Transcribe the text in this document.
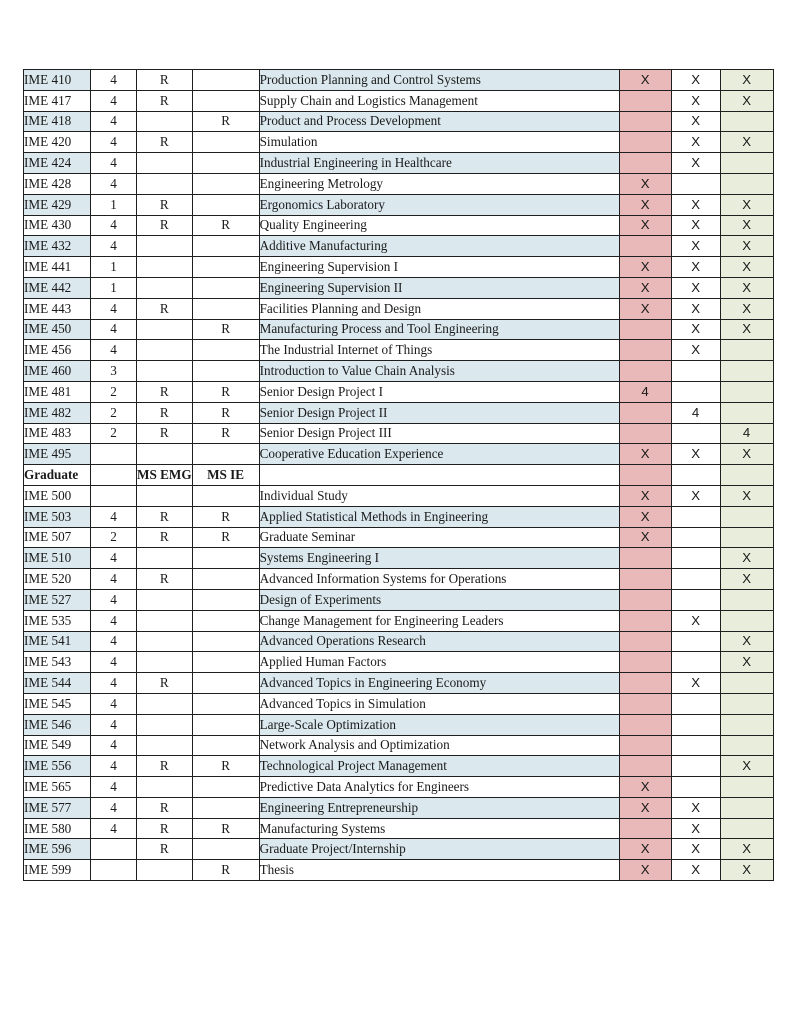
IME 410	4	R		Production Planning and Control Systems	X	X	X
IME 417	4	R		Supply Chain and Logistics Management		X	X
IME 418	4		R	Product and Process Development		X	
IME 420	4	R		Simulation		X	X
IME 424	4			Industrial Engineering in Healthcare		X	
IME 428	4			Engineering Metrology	X		
IME 429	1	R		Ergonomics Laboratory	X	X	X
IME 430	4	R	R	Quality Engineering	X	X	X
IME 432	4			Additive Manufacturing		X	X
IME 441	1			Engineering Supervision I	X	X	X
IME 442	1			Engineering Supervision II	X	X	X
IME 443	4	R		Facilities Planning and Design	X	X	X
IME 450	4		R	Manufacturing Process and Tool Engineering		X	X
IME 456	4			The Industrial Internet of Things		X	
IME 460	3			Introduction to Value Chain Analysis			
IME 481	2	R	R	Senior Design Project I	4		
IME 482	2	R	R	Senior Design Project II		4	
IME 483	2	R	R	Senior Design Project III			4
IME 495				Cooperative Education Experience	X	X	X
Graduate		MS EMG	MS IE				
IME 500				Individual Study	X	X	X
IME 503	4	R	R	Applied Statistical Methods in Engineering	X		
IME 507	2	R	R	Graduate Seminar	X		
IME 510	4			Systems Engineering I			X
IME 520	4	R		Advanced Information Systems for Operations			X
IME 527	4			Design of Experiments			
IME 535	4			Change Management for Engineering Leaders		X	
IME 541	4			Advanced Operations Research			X
IME 543	4			Applied Human Factors			X
IME 544	4	R		Advanced Topics in Engineering Economy		X	
IME 545	4			Advanced Topics in Simulation			
IME 546	4			Large-Scale Optimization			
IME 549	4			Network Analysis and Optimization			
IME 556	4	R	R	Technological Project Management			X
IME 565	4			Predictive Data Analytics for Engineers	X		
IME 577	4	R		Engineering Entrepreneurship	X	X	
IME 580	4	R	R	Manufacturing Systems		X	
IME 596		R		Graduate Project/Internship	X	X	X
IME 599			R	Thesis	X	X	X
